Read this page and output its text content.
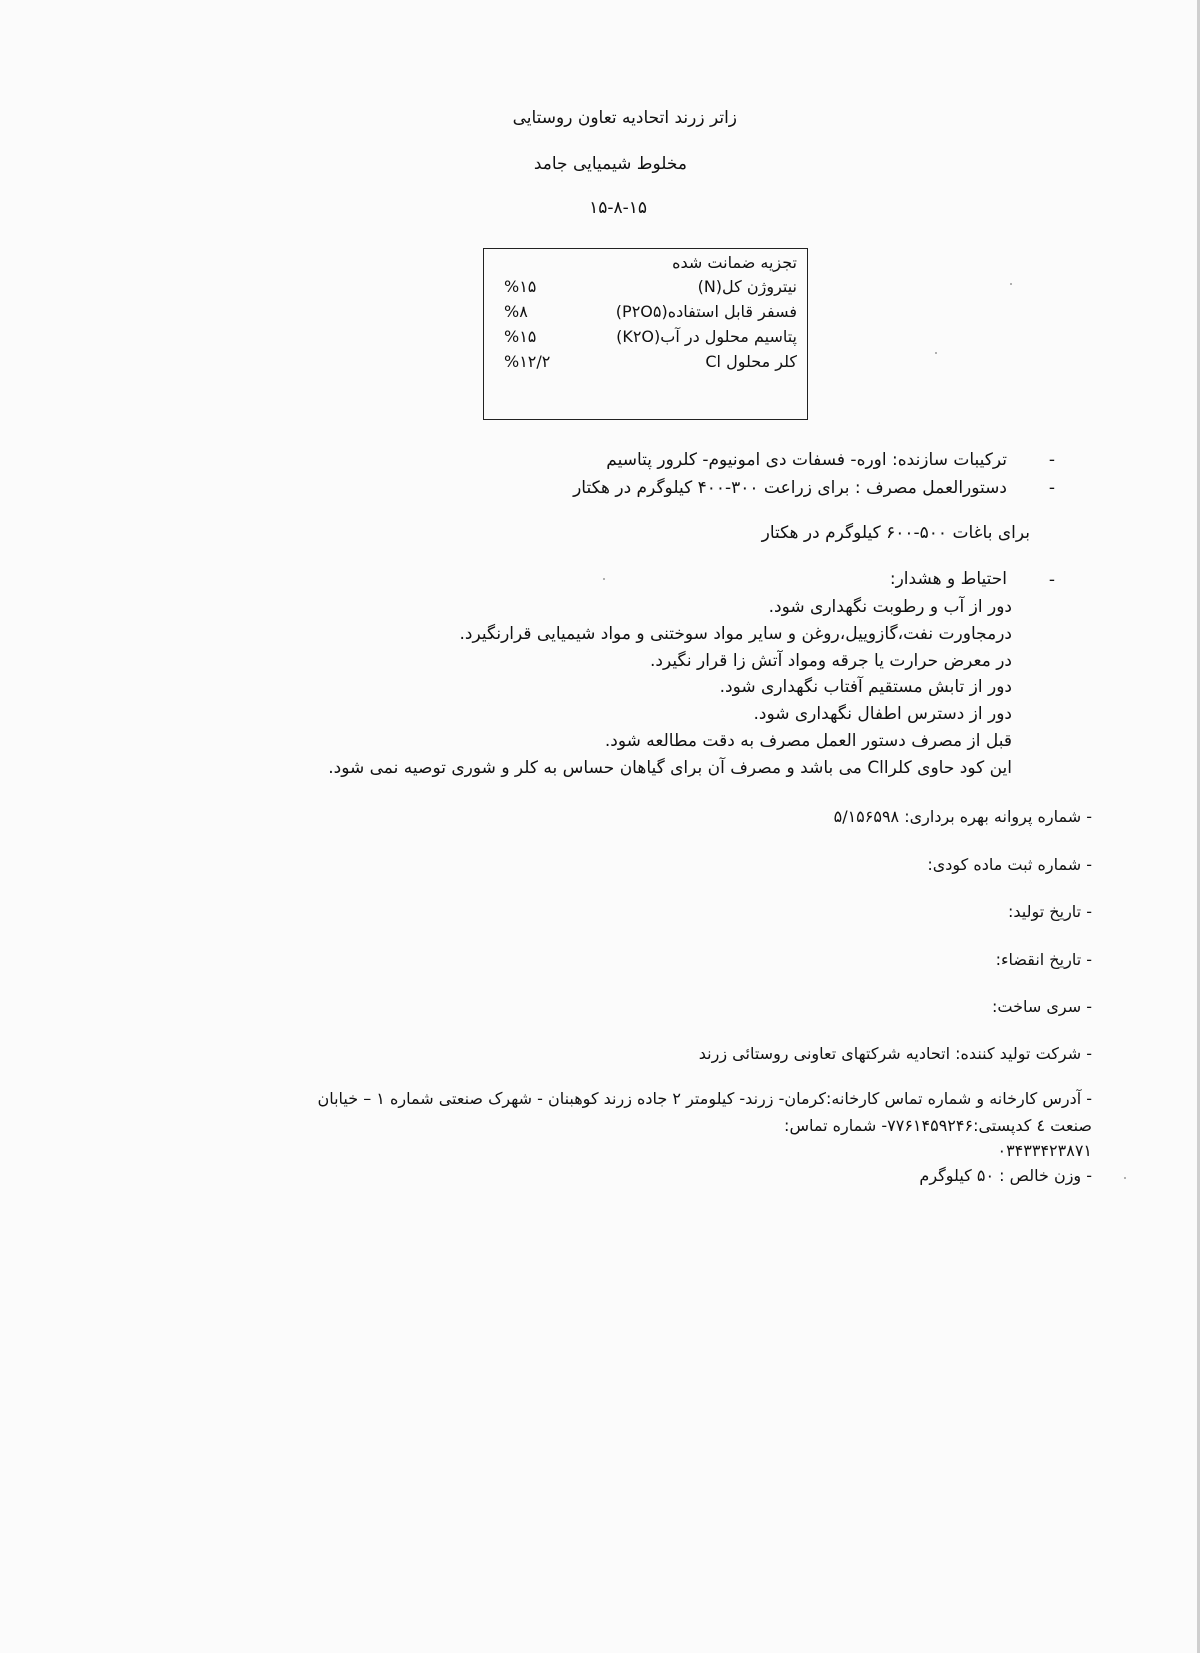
زاتر زرند اتحادیه تعاون روستایی
مخلوط شیمیایی جامد
۱۵-۸-۱۵
تجزیه ضمانت شده
نیتروژن کل(N)
%۱۵
فسفر قابل استفاده(P۲O۵)
%۸
پتاسیم محلول در آب(K۲O)
%۱۵
کلر محلول Cl
%۱۲/۲
-
ترکیبات سازنده: اوره- فسفات دی امونیوم- کلرور پتاسیم
-
دستورالعمل مصرف : برای زراعت ۳۰۰-۴۰۰ کیلوگرم در هکتار
برای باغات ۵۰۰-۶۰۰ کیلوگرم در هکتار
-
احتیاط و هشدار:
دور از آب و رطوبت نگهداری شود.
درمجاورت نفت،گازوییل،روغن و سایر مواد سوختنی و مواد شیمیایی قرارنگیرد.
در معرض حرارت یا جرقه ومواد آتش زا قرار نگیرد.
دور از تابش مستقیم آفتاب نگهداری شود.
دور از دسترس اطفال نگهداری شود.
قبل از مصرف دستور العمل مصرف به دقت مطالعه شود.
این کود حاوی کلراCl می باشد و مصرف آن برای گیاهان حساس به کلر و شوری توصیه نمی شود.
- شماره پروانه بهره برداری: ۵/۱۵۶۵۹۸
- شماره ثبت ماده کودی:
- تاریخ تولید:
- تاریخ انقضاء:
- سری ساخت:
- شرکت تولید کننده: اتحادیه شرکتهای تعاونی روستائی زرند
- آدرس کارخانه و شماره تماس کارخانه:کرمان- زرند- کیلومتر ۲ جاده زرند کوهبنان - شهرک صنعتی شماره ۱ – خیابان
صنعت ٤ کدپستی:۷۷۶۱۴۵۹۲۴۶- شماره تماس:
۰۳۴۳۳۴۲۳۸۷۱
- وزن خالص : ۵۰ کیلوگرم
